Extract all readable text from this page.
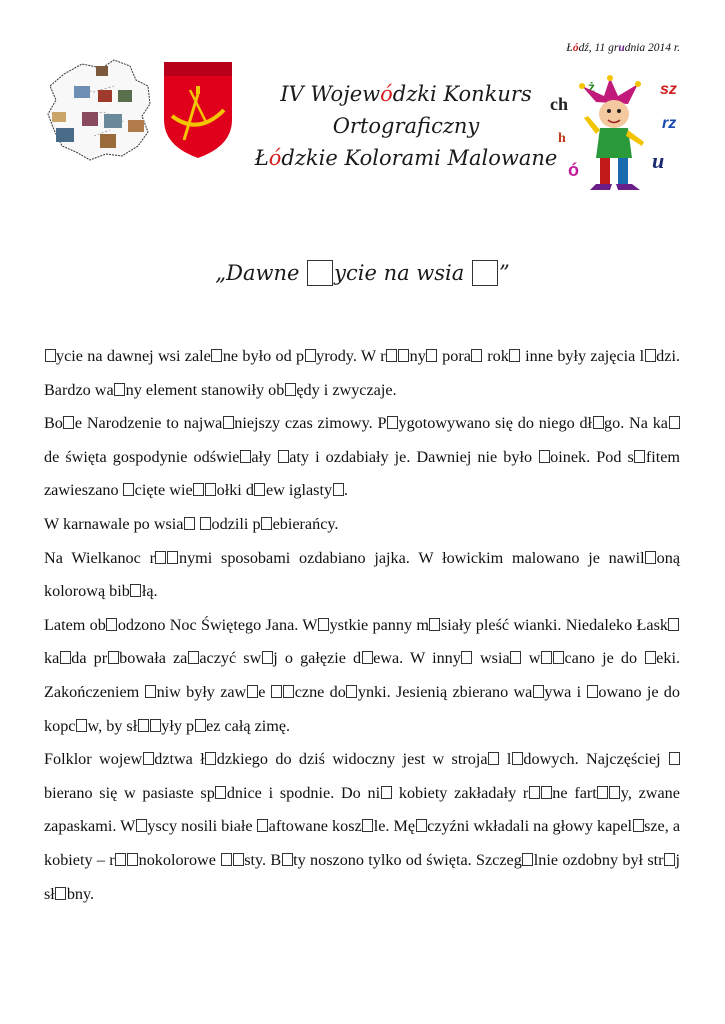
Łódź, 11 grudnia 2014 r.
IV Wojewódzki Konkurs
Ortograficzny
Łódzkie Kolorami Malowane
ż
ch
h
ó
sz
rz
u
„Dawne ycie na wsia ”

ycie na dawnej wsi zale ne było od p yrody. W r ny pora rok inne były zajęcia l dzi. Bardzo wa ny element stanowiły ob ędy i zwyczaje.

Bo e Narodzenie to najwa niejszy czas zimowy. P ygotowywano się do niego dł go. Na kade święta gospodynie odświe ały aty i ozdabiały je. Dawniej nie było oinek. Pod s fitem zawieszano cięte wie ołki d ew iglasty .

W karnawale po wsia odzili p ebierańcy.

Na Wielkanoc r nymi sposobami ozdabiano jajka. W łowickim malowano je nawil oną kolorową bib łą.

Latem ob odzono Noc Świętego Jana. W ystkie panny m siały pleść wianki. Niedaleko Łask ka da pr bowała za aczyć sw j o gałęzie d ewa. W inny wsia w cano je do eki. Zakończeniem niw były zaw e czne do ynki. Jesienią zbierano wa ywa i owano je do kopc w, by sł yły p ez całą zimę.

Folklor wojew dztwa ł dzkiego do dziś widoczny jest w stroja l dowych. Najczęściej bierano się w pasiaste sp dnice i spodnie. Do ni kobiety zakładały r ne fart y, zwane zapaskami. W yscy nosili białe aftowane kosz le. Mę czyźni wkładali na głowy kapel sze, a kobiety – r nokolorowe sty. B ty noszono tylko od święta. Szczeg lnie ozdobny był str j sł bny.
